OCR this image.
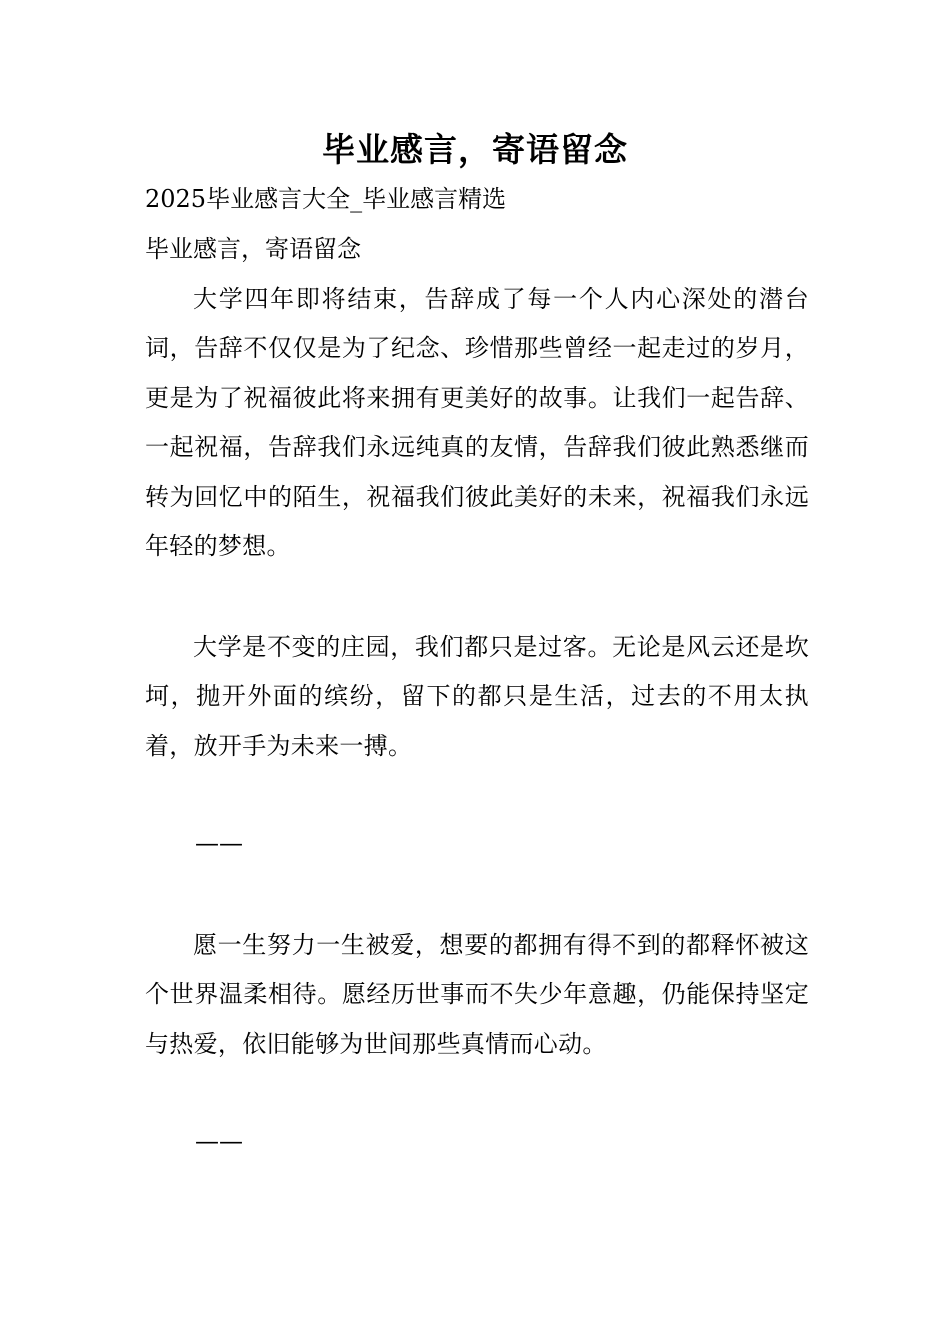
毕业感言，寄语留念
2025毕业感言大全_毕业感言精选
毕业感言，寄语留念
大学四年即将结束，告辞成了每一个人内心深处的潜台词，告辞不仅仅是为了纪念、珍惜那些曾经一起走过的岁月，更是为了祝福彼此将来拥有更美好的故事。让我们一起告辞、一起祝福，告辞我们永远纯真的友情，告辞我们彼此熟悉继而转为回忆中的陌生，祝福我们彼此美好的未来，祝福我们永远年轻的梦想。
大学是不变的庄园，我们都只是过客。无论是风云还是坎坷，抛开外面的缤纷，留下的都只是生活，过去的不用太执着，放开手为未来一搏。
——
愿一生努力一生被爱，想要的都拥有得不到的都释怀被这个世界温柔相待。愿经历世事而不失少年意趣，仍能保持坚定与热爱，依旧能够为世间那些真情而心动。
——
